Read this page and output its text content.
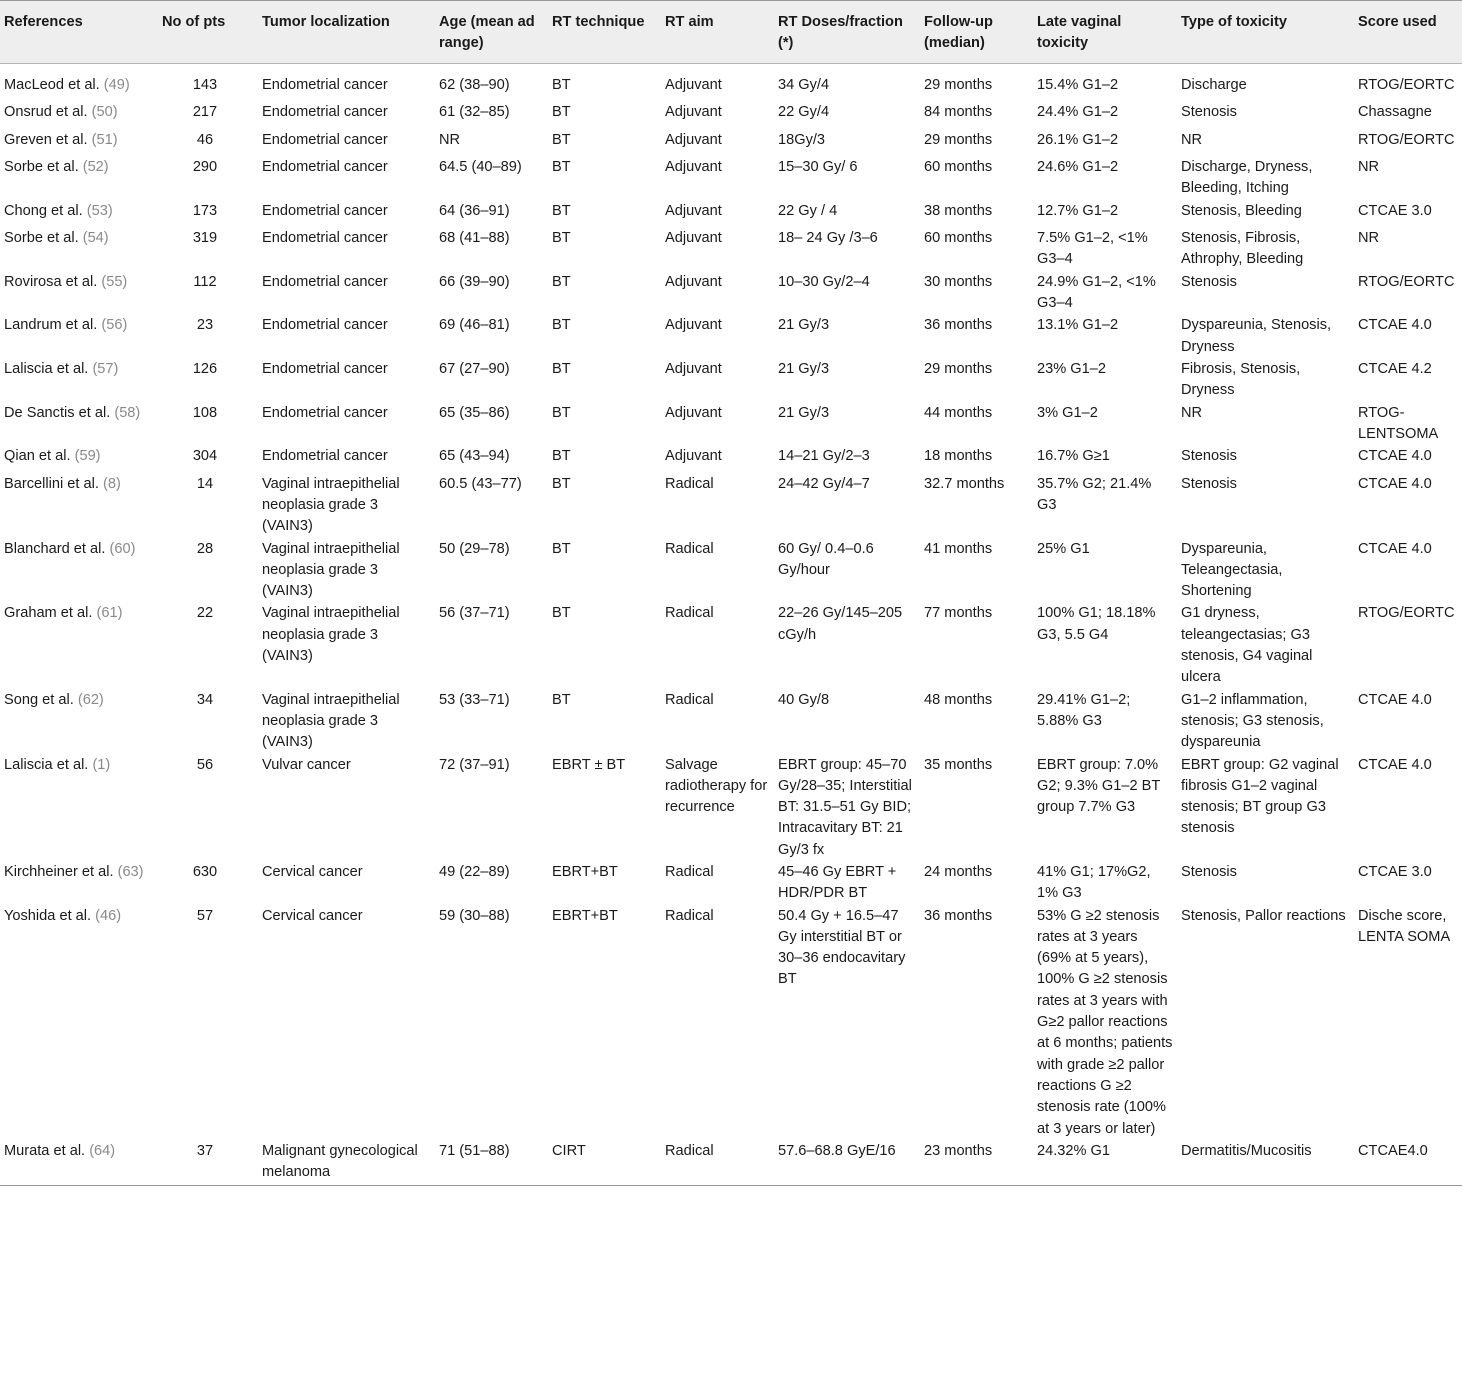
References	No of pts	Tumor localization	Age (mean ad range)	RT technique	RT aim	RT Doses/fraction (*)	Follow-up (median)	Late vaginal toxicity	Type of toxicity	Score used
MacLeod et al. (49)	143	Endometrial cancer	62 (38–90)	BT	Adjuvant	34 Gy/4	29 months	15.4% G1–2	Discharge	RTOG/EORTC
Onsrud et al. (50)	217	Endometrial cancer	61 (32–85)	BT	Adjuvant	22 Gy/4	84 months	24.4% G1–2	Stenosis	Chassagne
Greven et al. (51)	46	Endometrial cancer	NR	BT	Adjuvant	18Gy/3	29 months	26.1% G1–2	NR	RTOG/EORTC
Sorbe et al. (52)	290	Endometrial cancer	64.5 (40–89)	BT	Adjuvant	15–30 Gy/ 6	60 months	24.6% G1–2	Discharge, Dryness, Bleeding, Itching	NR
Chong et al. (53)	173	Endometrial cancer	64 (36–91)	BT	Adjuvant	22 Gy / 4	38 months	12.7% G1–2	Stenosis, Bleeding	CTCAE 3.0
Sorbe et al. (54)	319	Endometrial cancer	68 (41–88)	BT	Adjuvant	18– 24 Gy /3–6	60 months	7.5% G1–2, <1% G3–4	Stenosis, Fibrosis, Athrophy, Bleeding	NR
Rovirosa et al. (55)	112	Endometrial cancer	66 (39–90)	BT	Adjuvant	10–30 Gy/2–4	30 months	24.9% G1–2, <1% G3–4	Stenosis	RTOG/EORTC
Landrum et al. (56)	23	Endometrial cancer	69 (46–81)	BT	Adjuvant	21 Gy/3	36 months	13.1% G1–2	Dyspareunia, Stenosis, Dryness	CTCAE 4.0
Laliscia et al. (57)	126	Endometrial cancer	67 (27–90)	BT	Adjuvant	21 Gy/3	29 months	23% G1–2	Fibrosis, Stenosis, Dryness	CTCAE 4.2
De Sanctis et al. (58)	108	Endometrial cancer	65 (35–86)	BT	Adjuvant	21 Gy/3	44 months	3% G1–2	NR	RTOG-LENTSOMA
Qian et al. (59)	304	Endometrial cancer	65 (43–94)	BT	Adjuvant	14–21 Gy/2–3	18 months	16.7% G≥1	Stenosis	CTCAE 4.0
Barcellini et al. (8)	14	Vaginal intraepithelial neoplasia grade 3 (VAIN3)	60.5 (43–77)	BT	Radical	24–42 Gy/4–7	32.7 months	35.7% G2; 21.4% G3	Stenosis	CTCAE 4.0
Blanchard et al. (60)	28	Vaginal intraepithelial neoplasia grade 3 (VAIN3)	50 (29–78)	BT	Radical	60 Gy/ 0.4–0.6 Gy/hour	41 months	25% G1	Dyspareunia, Teleangectasia, Shortening	CTCAE 4.0
Graham et al. (61)	22	Vaginal intraepithelial neoplasia grade 3 (VAIN3)	56 (37–71)	BT	Radical	22–26 Gy/145–205 cGy/h	77 months	100% G1; 18.18% G3, 5.5 G4	G1 dryness, teleangectasias; G3 stenosis, G4 vaginal ulcera	RTOG/EORTC
Song et al. (62)	34	Vaginal intraepithelial neoplasia grade 3 (VAIN3)	53 (33–71)	BT	Radical	40 Gy/8	48 months	29.41% G1–2; 5.88% G3	G1–2 inflammation, stenosis; G3 stenosis, dyspareunia	CTCAE 4.0
Laliscia et al. (1)	56	Vulvar cancer	72 (37–91)	EBRT ± BT	Salvage radiotherapy for recurrence	EBRT group: 45–70 Gy/28–35; Interstitial BT: 31.5–51 Gy BID; Intracavitary BT: 21 Gy/3 fx	35 months	EBRT group: 7.0% G2; 9.3% G1–2 BT group 7.7% G3	EBRT group: G2 vaginal fibrosis G1–2 vaginal stenosis; BT group G3 stenosis	CTCAE 4.0
Kirchheiner et al. (63)	630	Cervical cancer	49 (22–89)	EBRT+BT	Radical	45–46 Gy EBRT + HDR/PDR BT	24 months	41% G1; 17%G2, 1% G3	Stenosis	CTCAE 3.0
Yoshida et al. (46)	57	Cervical cancer	59 (30–88)	EBRT+BT	Radical	50.4 Gy + 16.5–47 Gy interstitial BT or 30–36 endocavitary BT	36 months	53% G ≥2 stenosis rates at 3 years (69% at 5 years), 100% G ≥2 stenosis rates at 3 years with G≥2 pallor reactions at 6 months; patients with grade ≥2 pallor reactions G ≥2 stenosis rate (100% at 3 years or later)	Stenosis, Pallor reactions	Dische score, LENTA SOMA
Murata et al. (64)	37	Malignant gynecological melanoma	71 (51–88)	CIRT	Radical	57.6–68.8 GyE/16	23 months	24.32% G1	Dermatitis/Mucositis	CTCAE4.0
